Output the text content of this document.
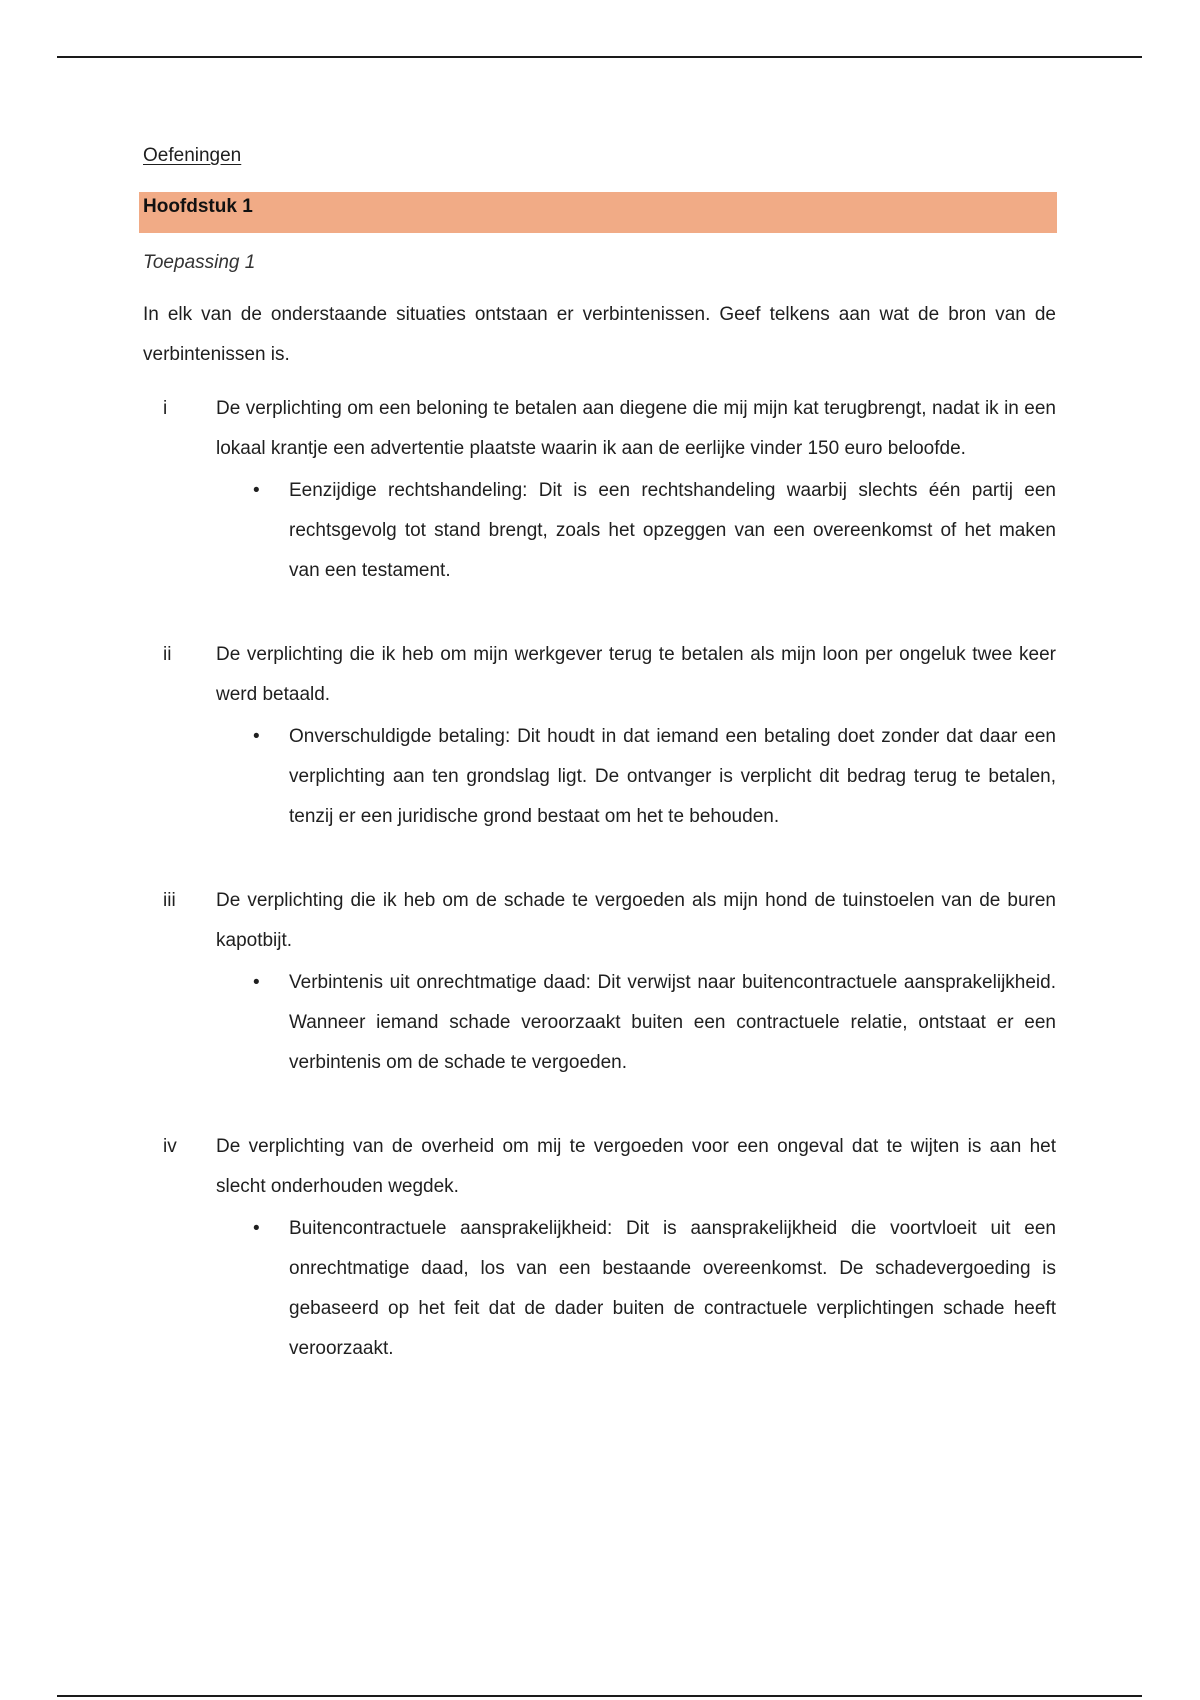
Oefeningen
Hoofdstuk 1
Toepassing 1

In elk van de onderstaande situaties ontstaan er verbintenissen. Geef telkens aan wat de bron van de verbintenissen is.

i	De verplichting om een beloning te betalen aan diegene die mij mijn kat terugbrengt, nadat ik in een lokaal krantje een advertentie plaatste waarin ik aan de eerlijke vinder 150 euro beloofde.

• Eenzijdige rechtshandeling: Dit is een rechtshandeling waarbij slechts één partij een rechtsgevolg tot stand brengt, zoals het opzeggen van een overeenkomst of het maken van een testament.

ii De verplichting die ik heb om mijn werkgever terug te betalen als mijn loon per ongeluk twee keer werd betaald.

• Onverschuldigde betaling: Dit houdt in dat iemand een betaling doet zonder dat daar een verplichting aan ten grondslag ligt. De ontvanger is verplicht dit bedrag terug te betalen, tenzij er een juridische grond bestaat om het te behouden.

iii De verplichting die ik heb om de schade te vergoeden als mijn hond de tuinstoelen van de buren kapotbijt.

• Verbintenis uit onrechtmatige daad: Dit verwijst naar buitencontractuele aansprakelijkheid. Wanneer iemand schade veroorzaakt buiten een contractuele relatie, ontstaat er een verbintenis om de schade te vergoeden.

iv De verplichting van de overheid om mij te vergoeden voor een ongeval dat te wijten is aan het slecht onderhouden wegdek.

• Buitencontractuele aansprakelijkheid: Dit is aansprakelijkheid die voortvloeit uit een onrechtmatige daad, los van een bestaande overeenkomst. De schadevergoeding is gebaseerd op het feit dat de dader buiten de contractuele verplichtingen schade heeft veroorzaakt.
